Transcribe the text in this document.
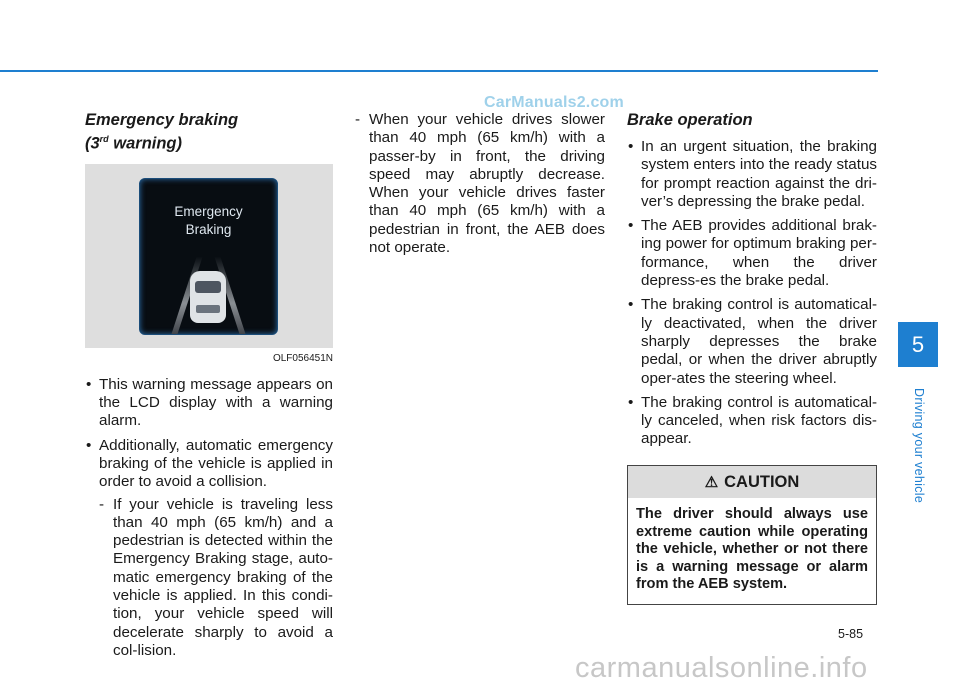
CarManuals2.com
Emergency braking
(3rd warning)
Emergency
Braking
OLF056451N
• This warning message appears on the LCD display with a warning alarm.
• Additionally, automatic emergency braking of the vehicle is applied in order to avoid a collision.
- If your vehicle is traveling less than 40 mph (65 km/h) and a pedestrian is detected within the Emergency Braking stage, auto-matic emergency braking of the vehicle is applied. In this condi-tion, your vehicle speed will decelerate sharply to avoid a col-lision.
- When your vehicle drives slower than 40 mph (65 km/h) with a passer-by in front, the driving speed may abruptly decrease. When your vehicle drives faster than 40 mph (65 km/h) with a pedestrian in front, the AEB does not operate.
Brake operation
• In an urgent situation, the braking system enters into the ready status for prompt reaction against the dri-ver’s depressing the brake pedal.
• The AEB provides additional brak-ing power for optimum braking per-formance, when the driver depress-es the brake pedal.
• The braking control is automatical-ly deactivated, when the driver sharply depresses the brake pedal, or when the driver abruptly oper-ates the steering wheel.
• The braking control is automatical-ly canceled, when risk factors dis-appear.
⚠ CAUTION
The driver should always use extreme caution while operating the vehicle, whether or not there is a warning message or alarm from the AEB system.
5
Driving your vehicle
5-85
carmanualsonline.info
